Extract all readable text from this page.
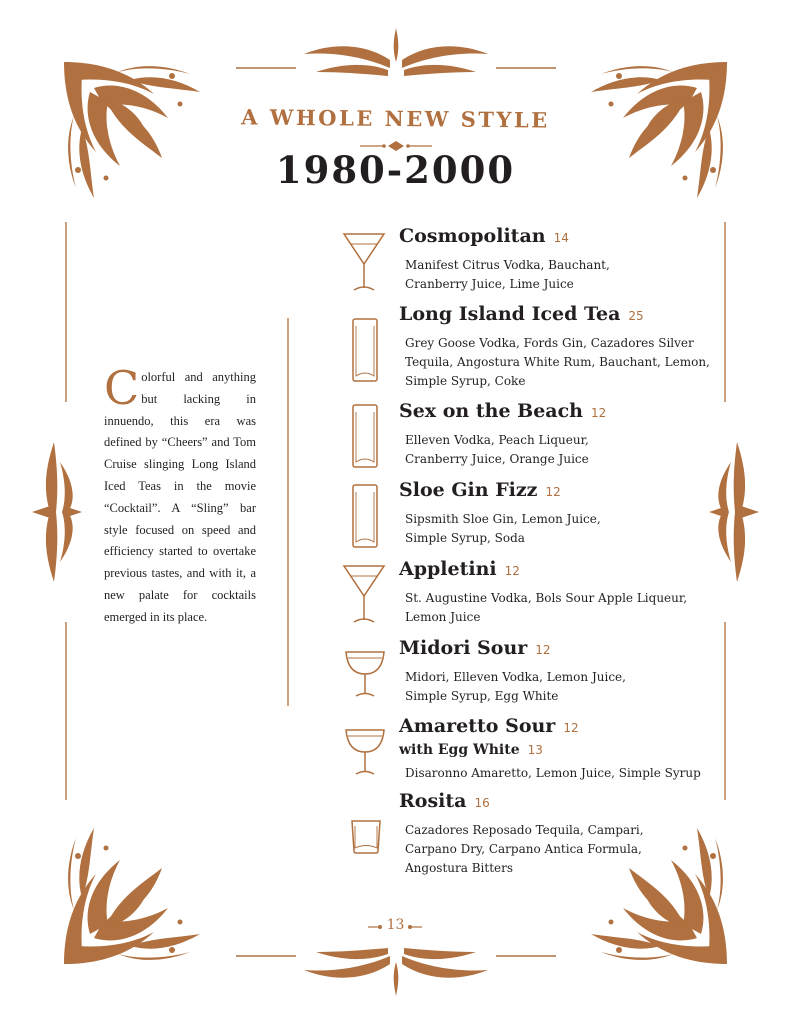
A WHOLE NEW STYLE
1980-2000
Colorful and anything but lacking in innuendo, this era was defined by “Cheers” and Tom Cruise slinging Long Island Iced Teas in the movie “Cocktail”. A “Sling” bar style focused on speed and efficiency started to overtake previous tastes, and with it, a new palate for cocktails emerged in its place.
Cosmopolitan 14
Manifest Citrus Vodka, Bauchant, Cranberry Juice, Lime Juice
Long Island Iced Tea 25
Grey Goose Vodka, Fords Gin, Cazadores Silver Tequila, Angostura White Rum, Bauchant, Lemon, Simple Syrup, Coke
Sex on the Beach 12
Elleven Vodka, Peach Liqueur, Cranberry Juice, Orange Juice
Sloe Gin Fizz 12
Sipsmith Sloe Gin, Lemon Juice, Simple Syrup, Soda
Appletini 12
St. Augustine Vodka, Bols Sour Apple Liqueur, Lemon Juice
Midori Sour 12
Midori, Elleven Vodka, Lemon Juice, Simple Syrup, Egg White
Amaretto Sour 12
with Egg White 13
Disaronno Amaretto, Lemon Juice, Simple Syrup
Rosita 16
Cazadores Reposado Tequila, Campari, Carpano Dry, Carpano Antica Formula, Angostura Bitters
13
